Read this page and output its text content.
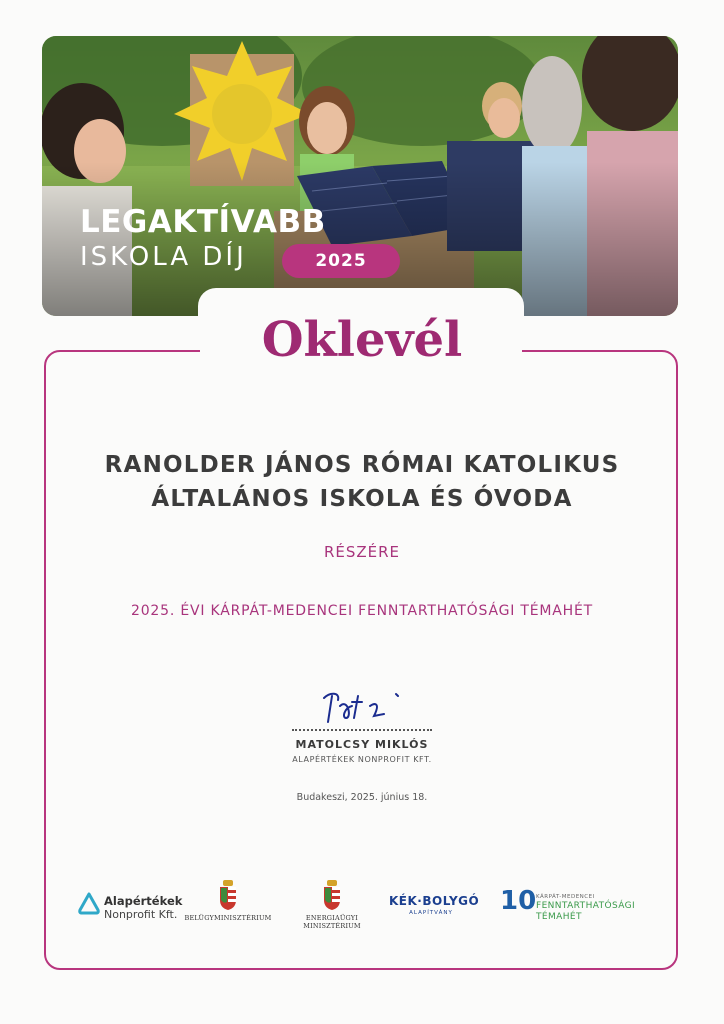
LEGAKTÍVABB
ISKOLA DÍJ	2025
Oklevél
RANOLDER JÁNOS RÓMAI KATOLIKUS
ÁLTALÁNOS ISKOLA ÉS ÓVODA
RÉSZÉRE
2025. ÉVI KÁRPÁT-MEDENCEI FENNTARTHATÓSÁGI TÉMAHÉT
MATOLCSY MIKLÓS
ALAPÉRTÉKEK NONPROFIT KFT.
Budakeszi, 2025. június 18.
Alapértékek
Nonprofit Kft. BELÜGYMINISZTÉRIUM	ENERGIAÜGYI MINISZTÉRIUM
KÉK·BOLYGÓ
ALAPÍTVÁNY	10 KÁRPÁT-MEDENCEI
FENNTARTHATÓSÁGI
TÉMAHÉT
